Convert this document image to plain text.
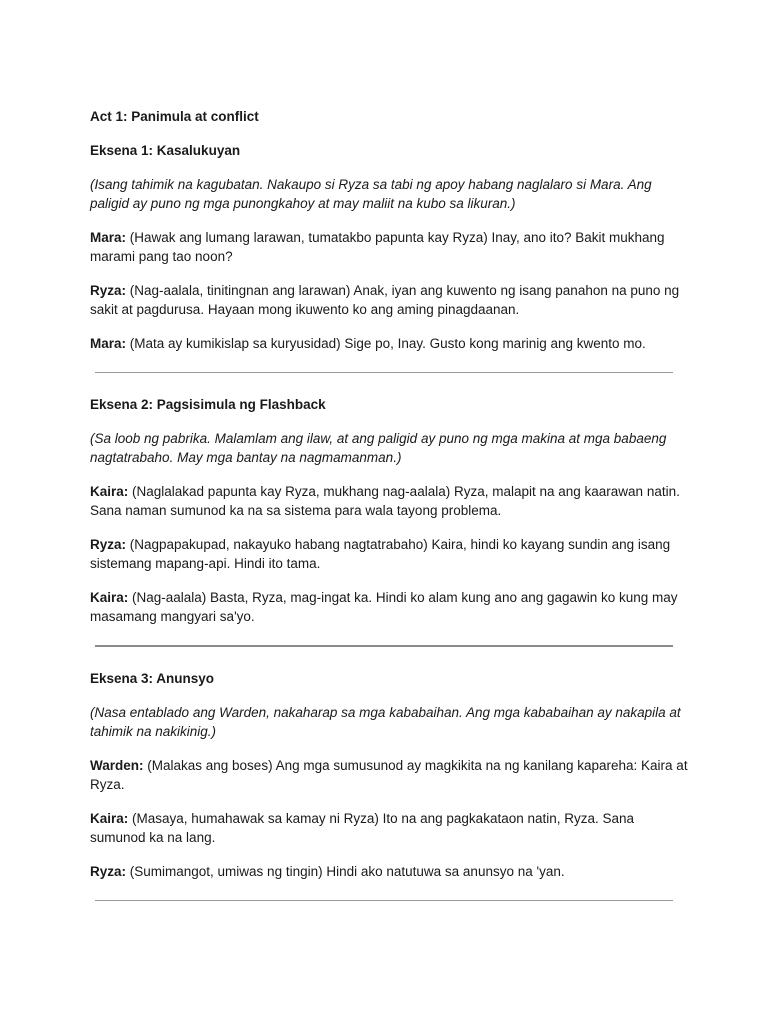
Act 1: Panimula at conflict

Eksena 1: Kasalukuyan

(Isang tahimik na kagubatan. Nakaupo si Ryza sa tabi ng apoy habang naglalaro si Mara. Ang paligid ay puno ng mga punongkahoy at may maliit na kubo sa likuran.)

Mara: (Hawak ang lumang larawan, tumatakbo papunta kay Ryza) Inay, ano ito? Bakit mukhang marami pang tao noon?

Ryza: (Nag-aalala, tinitingnan ang larawan) Anak, iyan ang kuwento ng isang panahon na puno ng sakit at pagdurusa. Hayaan mong ikuwento ko ang aming pinagdaanan.

Mara: (Mata ay kumikislap sa kuryusidad) Sige po, Inay. Gusto kong marinig ang kwento mo.

Eksena 2: Pagsisimula ng Flashback

(Sa loob ng pabrika. Malamlam ang ilaw, at ang paligid ay puno ng mga makina at mga babaeng nagtatrabaho. May mga bantay na nagmamanman.)

Kaira: (Naglalakad papunta kay Ryza, mukhang nag-aalala) Ryza, malapit na ang kaarawan natin. Sana naman sumunod ka na sa sistema para wala tayong problema.

Ryza: (Nagpapakupad, nakayuko habang nagtatrabaho) Kaira, hindi ko kayang sundin ang isang sistemang mapang-api. Hindi ito tama.

Kaira: (Nag-aalala) Basta, Ryza, mag-ingat ka. Hindi ko alam kung ano ang gagawin ko kung may masamang mangyari sa'yo.

Eksena 3: Anunsyo

(Nasa entablado ang Warden, nakaharap sa mga kababaihan. Ang mga kababaihan ay nakapila at tahimik na nakikinig.)

Warden: (Malakas ang boses) Ang mga sumusunod ay magkikita na ng kanilang kapareha: Kaira at Ryza.

Kaira: (Masaya, humahawak sa kamay ni Ryza) Ito na ang pagkakataon natin, Ryza. Sana sumunod ka na lang.

Ryza: (Sumimangot, umiwas ng tingin) Hindi ako natutuwa sa anunsyo na 'yan.
